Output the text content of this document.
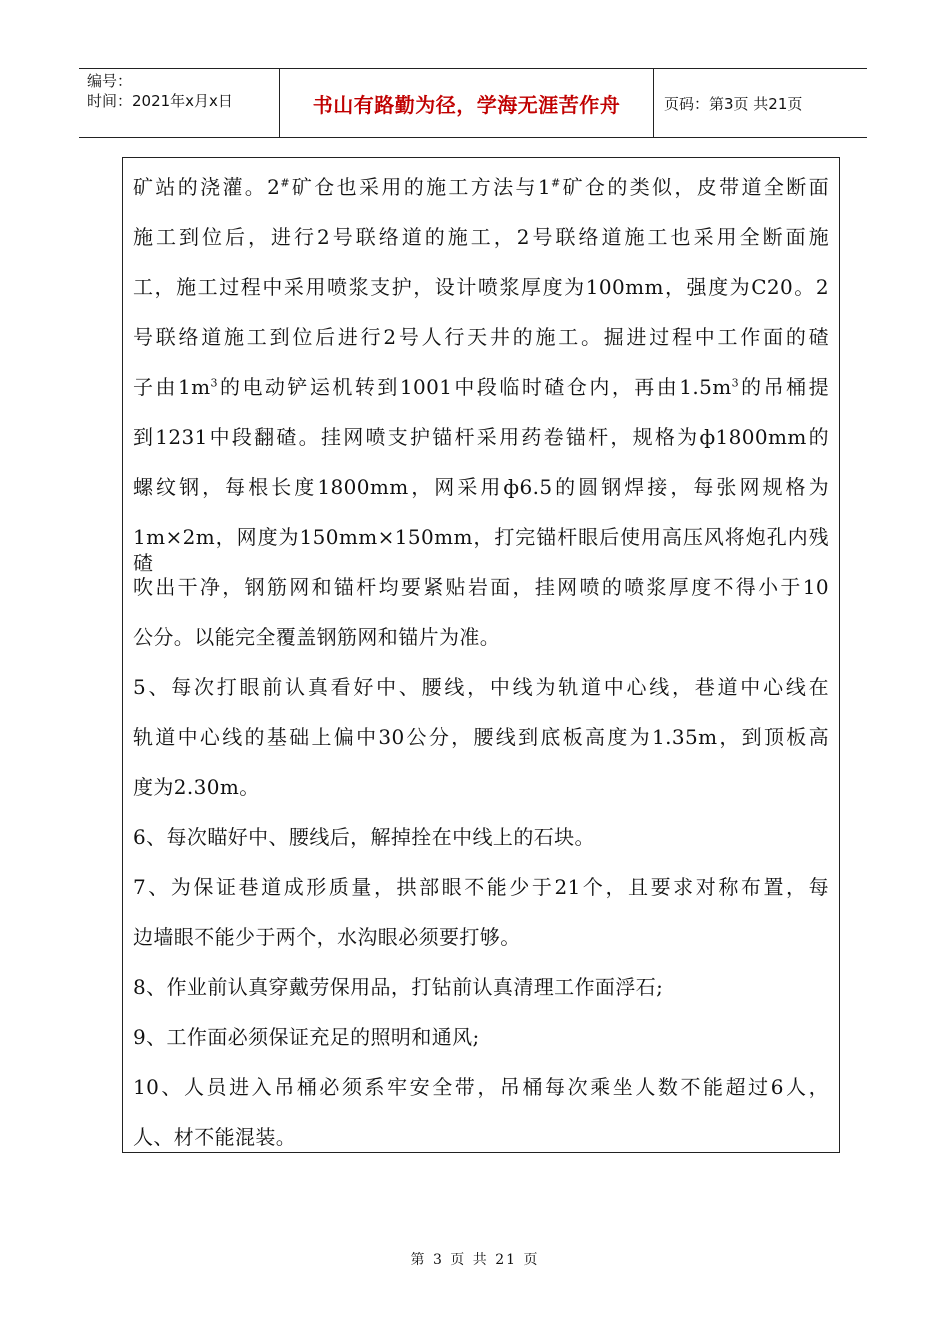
编号：
时间：2021年x月x日	书山有路勤为径，学海无涯苦作舟	页码：第3页 共21页
矿站的浇灌。2#矿仓也采用的施工方法与1#矿仓的类似，皮带道全断面
施工到位后，进行2号联络道的施工，2号联络道施工也采用全断面施
工，施工过程中采用喷浆支护，设计喷浆厚度为100mm，强度为C20。2
号联络道施工到位后进行2号人行天井的施工。掘进过程中工作面的碴
子由$1m^3$的电动铲运机转到1001中段临时碴仓内，再由$1.5m^3$的吊桶提
到1231中段翻碴。挂网喷支护锚杆采用药卷锚杆，规格为ф1800mm的
螺纹钢，每根长度1800mm，网采用ф6.5的圆钢焊接，每张网规格为
1m×2m，网度为150mm×150mm，打完锚杆眼后使用高压风将炮孔内残碴
吹出干净，钢筋网和锚杆均要紧贴岩面，挂网喷的喷浆厚度不得小于10
公分。以能完全覆盖钢筋网和锚片为准。
5、每次打眼前认真看好中、腰线，中线为轨道中心线，巷道中心线在
轨道中心线的基础上偏中30公分，腰线到底板高度为1.35m，到顶板高
度为2.30m。
6、每次瞄好中、腰线后，解掉拴在中线上的石块。
7、为保证巷道成形质量，拱部眼不能少于21个，且要求对称布置，每
边墙眼不能少于两个，水沟眼必须要打够。
8、作业前认真穿戴劳保用品，打钻前认真清理工作面浮石;
9、工作面必须保证充足的照明和通风;
10、人员进入吊桶必须系牢安全带，吊桶每次乘坐人数不能超过6人，
人、材不能混装。
第 3 页 共 21 页
